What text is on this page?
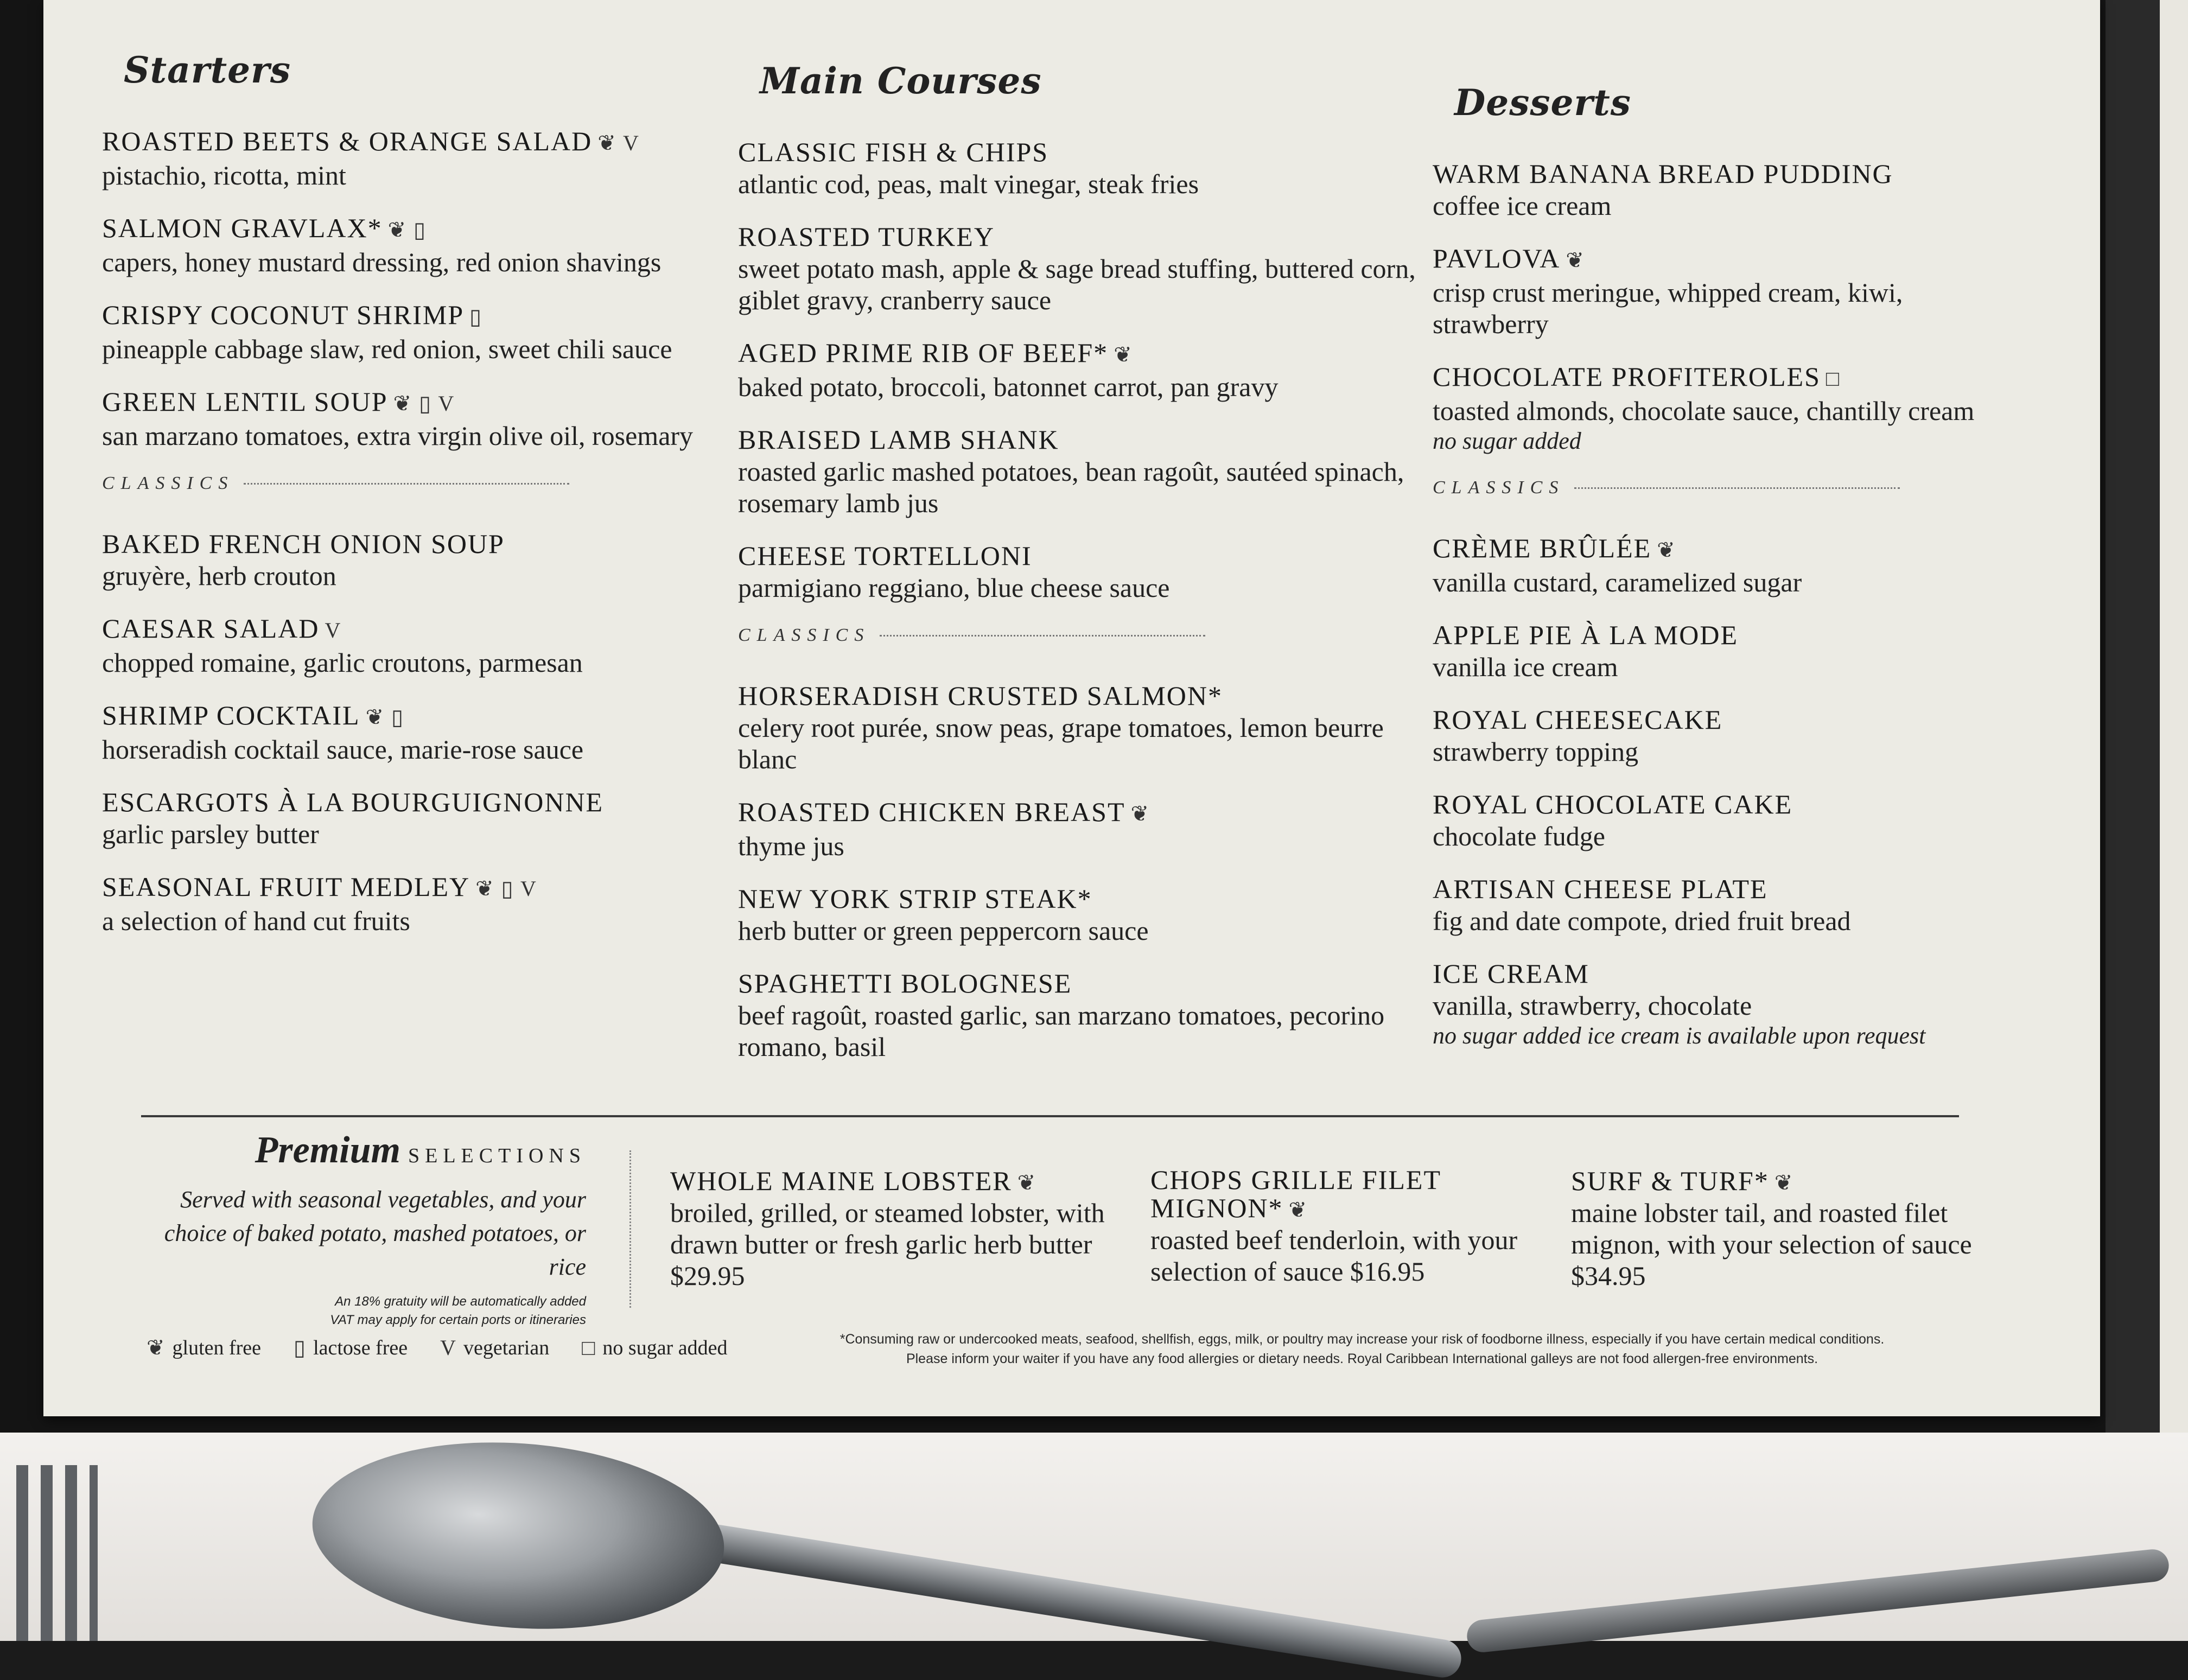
Starters
ROASTED BEETS & ORANGE SALAD ❦ V
pistachio, ricotta, mint
SALMON GRAVLAX* ❦ ▯
capers, honey mustard dressing, red onion shavings
CRISPY COCONUT SHRIMP ▯
pineapple cabbage slaw, red onion, sweet chili sauce
GREEN LENTIL SOUP ❦ ▯ V
san marzano tomatoes, extra virgin olive oil, rosemary
CLASSICS
BAKED FRENCH ONION SOUP
gruyère, herb crouton
CAESAR SALAD V
chopped romaine, garlic croutons, parmesan
SHRIMP COCKTAIL ❦ ▯
horseradish cocktail sauce, marie-rose sauce
ESCARGOTS À LA BOURGUIGNONNE
garlic parsley butter
SEASONAL FRUIT MEDLEY ❦ ▯ V
a selection of hand cut fruits
Main Courses
CLASSIC FISH & CHIPS
atlantic cod, peas, malt vinegar, steak fries
ROASTED TURKEY
sweet potato mash, apple & sage bread stuffing, buttered corn, giblet gravy, cranberry sauce
AGED PRIME RIB OF BEEF* ❦
baked potato, broccoli, batonnet carrot, pan gravy
BRAISED LAMB SHANK
roasted garlic mashed potatoes, bean ragoût, sautéed spinach, rosemary lamb jus
CHEESE TORTELLONI
parmigiano reggiano, blue cheese sauce
CLASSICS
HORSERADISH CRUSTED SALMON*
celery root purée, snow peas, grape tomatoes, lemon beurre blanc
ROASTED CHICKEN BREAST ❦
thyme jus
NEW YORK STRIP STEAK*
herb butter or green peppercorn sauce
SPAGHETTI BOLOGNESE
beef ragoût, roasted garlic, san marzano tomatoes, pecorino romano, basil
Desserts
WARM BANANA BREAD PUDDING
coffee ice cream
PAVLOVA ❦
crisp crust meringue, whipped cream, kiwi, strawberry
CHOCOLATE PROFITEROLES □
toasted almonds, chocolate sauce, chantilly cream
no sugar added
CLASSICS
CRÈME BRÛLÉE ❦
vanilla custard, caramelized sugar
APPLE PIE À LA MODE
vanilla ice cream
ROYAL CHEESECAKE
strawberry topping
ROYAL CHOCOLATE CAKE
chocolate fudge
ARTISAN CHEESE PLATE
fig and date compote, dried fruit bread
ICE CREAM
vanilla, strawberry, chocolate
no sugar added ice cream is available upon request
Premium SELECTIONS
Served with seasonal vegetables, and your choice of baked potato, mashed potatoes, or rice
An 18% gratuity will be automatically added
VAT may apply for certain ports or itineraries
WHOLE MAINE LOBSTER ❦
broiled, grilled, or steamed lobster, with drawn butter or fresh garlic herb butter $29.95
CHOPS GRILLE FILET MIGNON* ❦
roasted beef tenderloin, with your selection of sauce $16.95
SURF & TURF* ❦
maine lobster tail, and roasted filet mignon, with your selection of sauce $34.95
❦ gluten free ▯ lactose free V vegetarian □ no sugar added	*Consuming raw or undercooked meats, seafood, shellfish, eggs, milk, or poultry may increase your risk of foodborne illness, especially if you have certain medical conditions.
Please inform your waiter if you have any food allergies or dietary needs. Royal Caribbean International galleys are not food allergen-free environments.
